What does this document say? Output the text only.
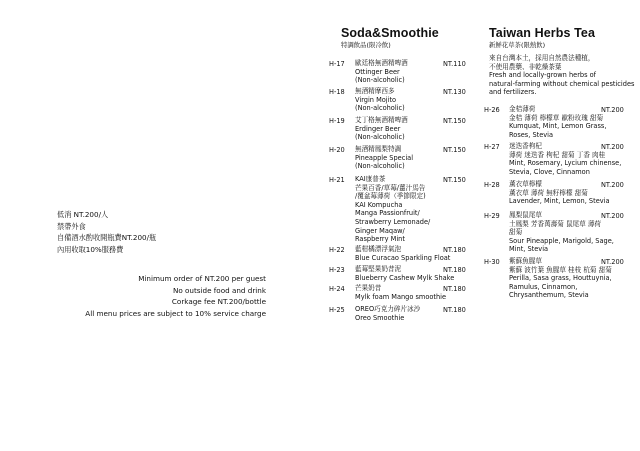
低消 NT.200/人
禁帶外食
自備酒水酌收開瓶費NT.200/瓶
內用收取10%服務費
Minimum order of NT.200 per guest
No outside food and drink
Corkage fee NT.200/bottle
All menu prices are subject to 10% service charge
Soda&Smoothie
特調飲品(限冷飲)
Taiwan Herbs Tea
新鮮花草茶(限熱飲)
來自台灣本土，採用自然農法種植，
不使用農藥、非乾燥茶葉
Fresh and locally-grown herbs of
natural-farming without chemical pesticides
and fertilizers.
H-17	NT.110
歐廷格無酒精啤酒
Ottinger Beer
(Non-alcoholic)
H-18	NT.130
無酒精摩西多
Virgin Mojito
(Non-alcoholic)
H-19	NT.150
艾丁格無酒精啤酒
Erdinger Beer
(Non-alcoholic)
H-20	NT.150
無酒精鳳梨特調
Pineapple Special
(Non-alcoholic)
H-21	NT.150
KAI康普茶
芒果百香/草莓/薑汁馬告
/覆盆莓薄荷（季節限定)
KAI Kompucha
Manga Passionfruit/
Strawberry Lemonade/
Ginger Maqaw/
Raspberry Mint
H-22	NT.180
藍柑橘漂浮氣泡
Blue Curacao Sparkling Float
H-23	NT.180
藍莓堅果奶昔泥
Blueberry Cashew Mylk Shake
H-24	NT.180
芒果奶昔
Mylk foam Mango smoothie
H-25	NT.180
OREO巧克力碎片冰沙
Oreo Smoothie
H-26	NT.200
金桔薄荷
金桔 薄荷 檸檬草 歐粉玫瑰 甜菊
Kumquat, Mint, Lemon Grass,
Roses, Stevia
H-27	NT.200
迷迭香枸杞
薄荷 迷迭香 枸杞 甜菊 丁香 肉桂
Mint, Rosemary, Lycium chinense,
Stevia, Clove, Cinnamon
H-28	NT.200
薰衣草檸檬
薰衣草 薄荷 無籽檸檬 甜菊
Lavender, Mint, Lemon, Stevia
H-29	NT.200
鳳梨鼠尾草
土鳳梨 芳香萬壽菊 鼠尾草 薄荷
甜菊
Sour Pineapple, Marigold, Sage,
Mint, Stevia
H-30	NT.200
紫蘇魚腥草
紫蘇 波竹葉 魚腥草 桂枝 杭菊 甜菊
Perilla, Sasa grass, Houttuynia,
Ramulus, Cinnamon,
Chrysanthemum, Stevia
